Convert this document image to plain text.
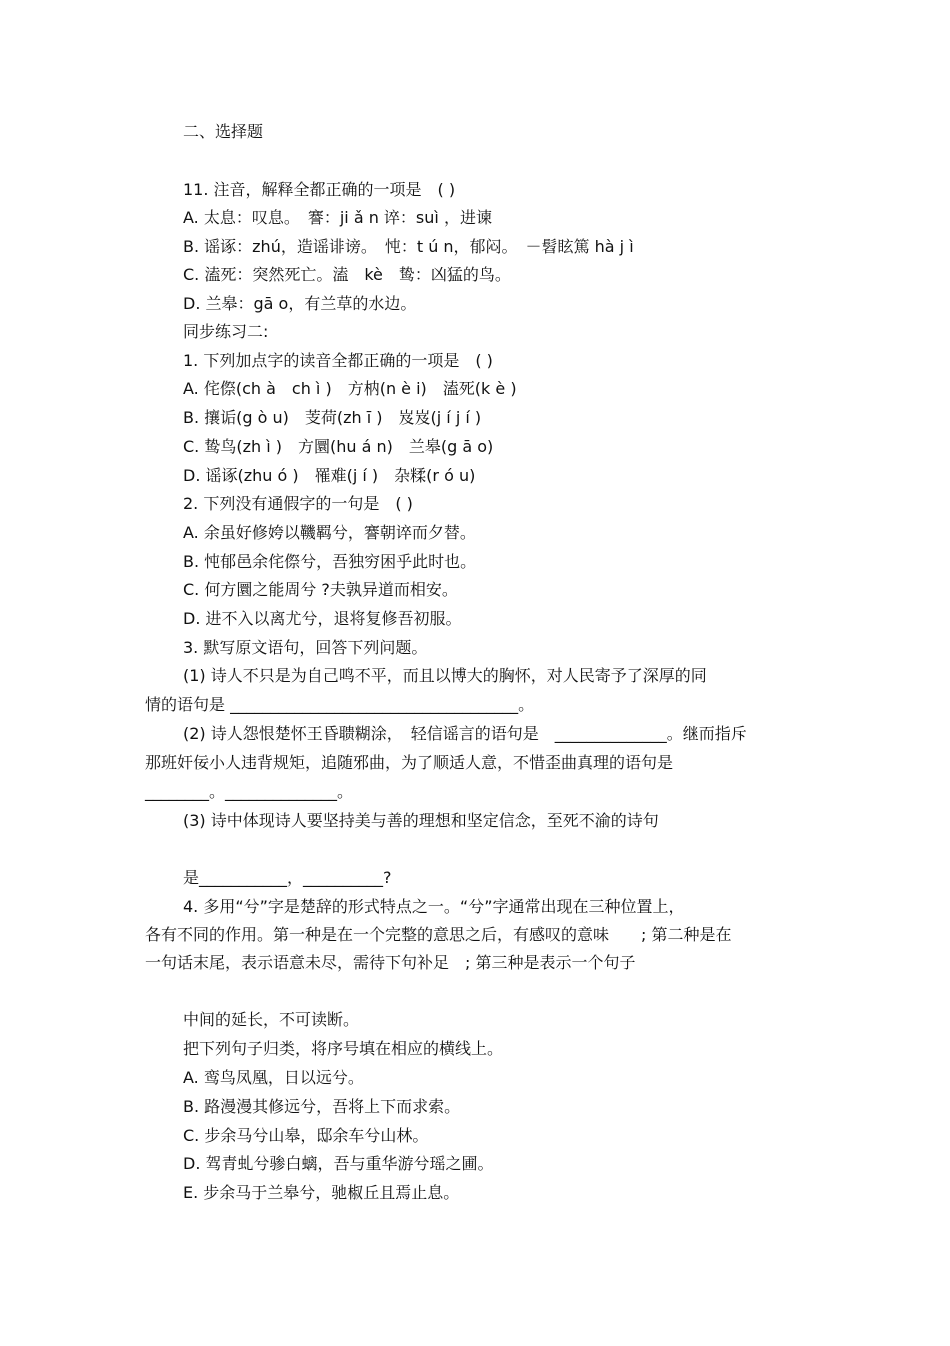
二、选择题
11. 注音，解释全都正确的一项是　( )
A. 太息：叹息。　謇：ji ǎ n 谇：suì ，进谏
B. 谣诼：zhú，造谣诽谤。　忳：t ú n，郁闷。　－髫眩篤 hà j ì
C. 溘死：突然死亡。溘　kè　鸷：凶猛的鸟。
D. 兰皋：gā o，有兰草的水边。
同步练习二:
1. 下列加点字的读音全都正确的一项是　( )
A. 侘傺(ch à　ch ì )　方枘(n è i)　溘死(k è )
B. 攘诟(g ò u)　芰荷(zh ī )　岌岌(j í j í )
C. 鸷鸟(zh ì )　方圜(hu á n)　兰皋(g ā o)
D. 谣诼(zhu ó )　罹难(j í )　杂糅(r ó u)
2. 下列没有通假字的一句是　( )
A. 余虽好修姱以鞿羁兮，謇朝谇而夕替。
B. 忳郁邑余侘傺兮，吾独穷困乎此时也。
C. 何方圜之能周兮 ?夫孰异道而相安。
D. 进不入以离尤兮，退将复修吾初服。
3. 默写原文语句，回答下列问题。
(1) 诗人不只是为自己鸣不平，而且以博大的胸怀，对人民寄予了深厚的同
情的语句是 ____________________________________。
(2) 诗人怨恨楚怀王昏聩糊涂，　轻信谣言的语句是　______________。继而指斥
那班奸佞小人违背规矩，追随邪曲，为了顺适人意，不惜歪曲真理的语句是
________。______________。
(3) 诗中体现诗人要坚持美与善的理想和坚定信念，至死不渝的诗句
是___________，__________?
4. 多用“兮”字是楚辞的形式特点之一。“兮”字通常出现在三种位置上，
各有不同的作用。第一种是在一个完整的意思之后，有感叹的意味　　; 第二种是在
一句话末尾，表示语意未尽，需待下句补足　; 第三种是表示一个句子
中间的延长，不可读断。
把下列句子归类，将序号填在相应的横线上。
A. 鸾鸟凤凰，日以远兮。
B. 路漫漫其修远兮，吾将上下而求索。
C. 步余马兮山皋，邸余车兮山林。
D. 驾青虬兮骖白螭，吾与重华游兮瑶之圃。
E. 步余马于兰皋兮，驰椒丘且焉止息。
